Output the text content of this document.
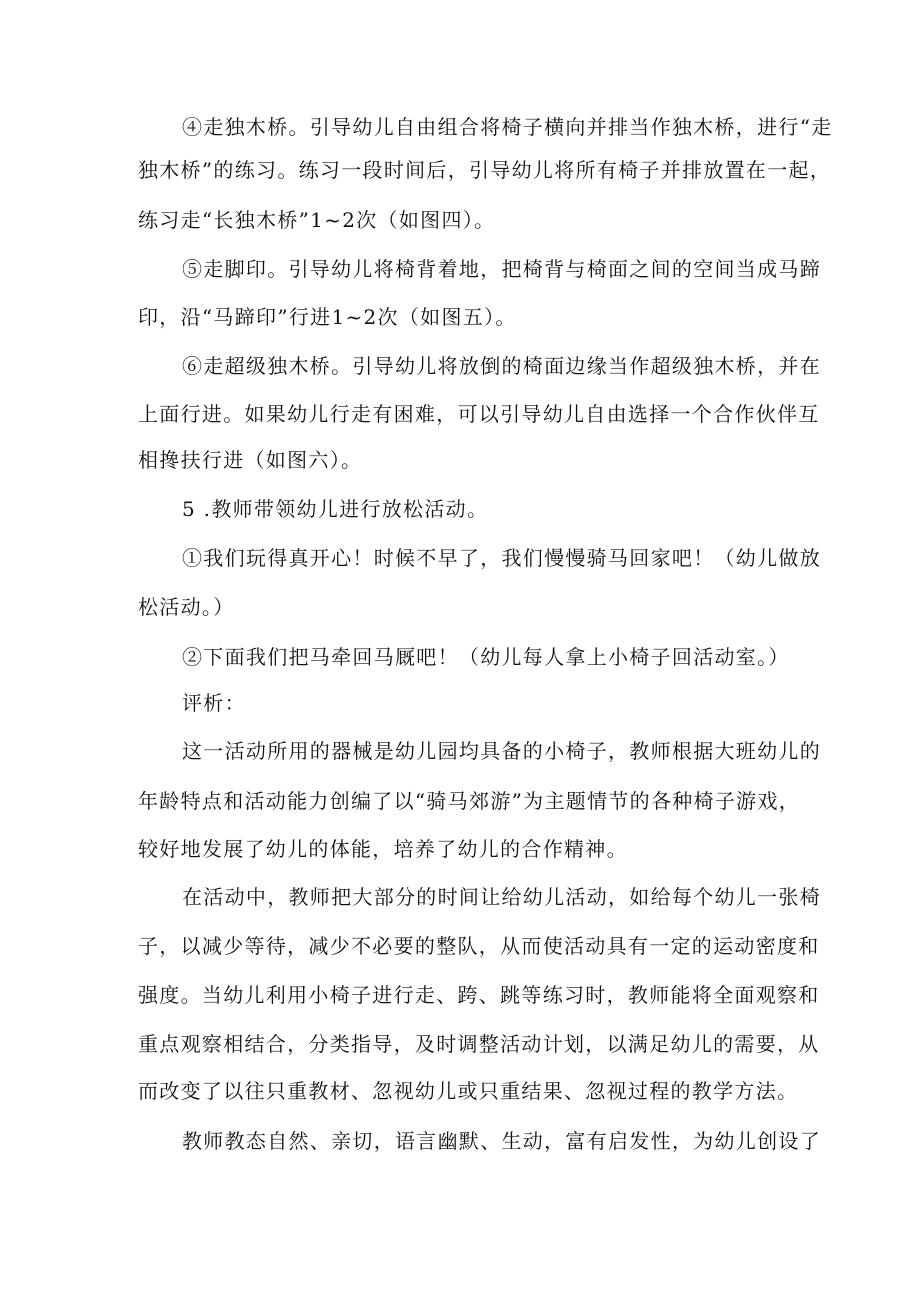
④走独木桥。引导幼儿自由组合将椅子横向并排当作独木桥，进行“走
独木桥”的练习。练习一段时间后，引导幼儿将所有椅子并排放置在一起，
练习走“长独木桥”1~2次（如图四）。
⑤走脚印。引导幼儿将椅背着地，把椅背与椅面之间的空间当成马蹄
印，沿“马蹄印”行进1~2次（如图五）。
⑥走超级独木桥。引导幼儿将放倒的椅面边缘当作超级独木桥，并在
上面行进。如果幼儿行走有困难，可以引导幼儿自由选择一个合作伙伴互
相搀扶行进（如图六）。
5 .教师带领幼儿进行放松活动。
①我们玩得真开心！时候不早了，我们慢慢骑马回家吧！（幼儿做放
松活动。）
②下面我们把马牵回马厩吧！（幼儿每人拿上小椅子回活动室。）
评析：
这一活动所用的器械是幼儿园均具备的小椅子，教师根据大班幼儿的
年龄特点和活动能力创编了以“骑马郊游”为主题情节的各种椅子游戏，
较好地发展了幼儿的体能，培养了幼儿的合作精神。
在活动中，教师把大部分的时间让给幼儿活动，如给每个幼儿一张椅
子，以减少等待，减少不必要的整队，从而使活动具有一定的运动密度和
强度。当幼儿利用小椅子进行走、跨、跳等练习时，教师能将全面观察和
重点观察相结合，分类指导，及时调整活动计划，以满足幼儿的需要，从
而改变了以往只重教材、忽视幼儿或只重结果、忽视过程的教学方法。
教师教态自然、亲切，语言幽默、生动，富有启发性，为幼儿创设了
